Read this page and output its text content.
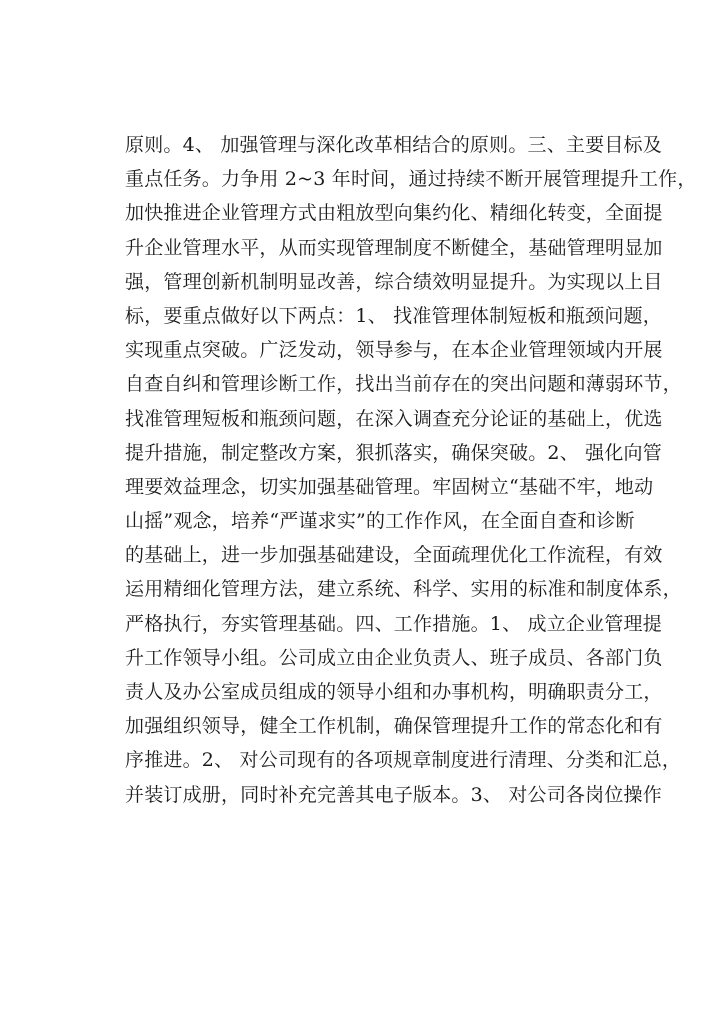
原则。4、 加强管理与深化改革相结合的原则。三、主要目标及
重点任务。力争用 2~3 年时间，通过持续不断开展管理提升工作，
加快推进企业管理方式由粗放型向集约化、精细化转变，全面提
升企业管理水平，从而实现管理制度不断健全，基础管理明显加
强，管理创新机制明显改善，综合绩效明显提升。为实现以上目
标，要重点做好以下两点：1、 找准管理体制短板和瓶颈问题，
实现重点突破。广泛发动，领导参与，在本企业管理领域内开展
自查自纠和管理诊断工作，找出当前存在的突出问题和薄弱环节，
找准管理短板和瓶颈问题，在深入调查充分论证的基础上，优选
提升措施，制定整改方案，狠抓落实，确保突破。2、 强化向管
理要效益理念，切实加强基础管理。牢固树立“基础不牢，地动
山摇”观念，培养“严谨求实”的工作作风，在全面自查和诊断
的基础上，进一步加强基础建设，全面疏理优化工作流程，有效
运用精细化管理方法，建立系统、科学、实用的标准和制度体系，
严格执行，夯实管理基础。四、工作措施。1、 成立企业管理提
升工作领导小组。公司成立由企业负责人、班子成员、各部门负
责人及办公室成员组成的领导小组和办事机构，明确职责分工，
加强组织领导，健全工作机制，确保管理提升工作的常态化和有
序推进。2、 对公司现有的各项规章制度进行清理、分类和汇总，
并装订成册，同时补充完善其电子版本。3、 对公司各岗位操作
